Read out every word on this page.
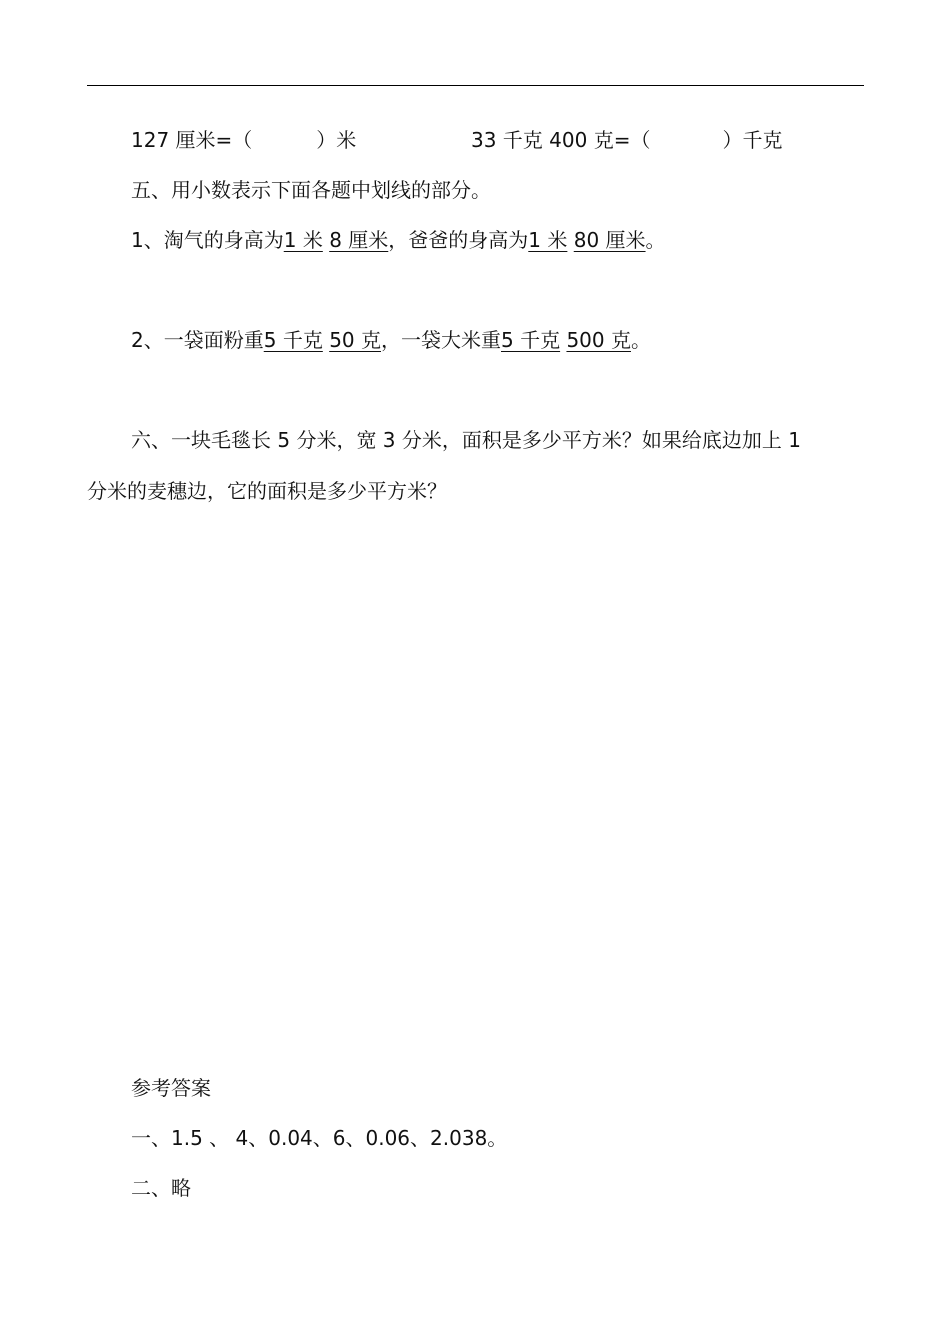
127 厘米=（	）米	33 千克 400 克=（	）千克
五、用小数表示下面各题中划线的部分。
1、淘气的身高为1 米 8 厘米，爸爸的身高为1 米 80 厘米。
2、一袋面粉重5 千克 50 克，一袋大米重5 千克 500 克。
六、一块毛毯长 5 分米，宽 3 分米，面积是多少平方米？如果给底边加上 1
分米的麦穗边，它的面积是多少平方米？
参考答案
一、1.5 、 4、0.04、6、0.06、2.038。
二、略
